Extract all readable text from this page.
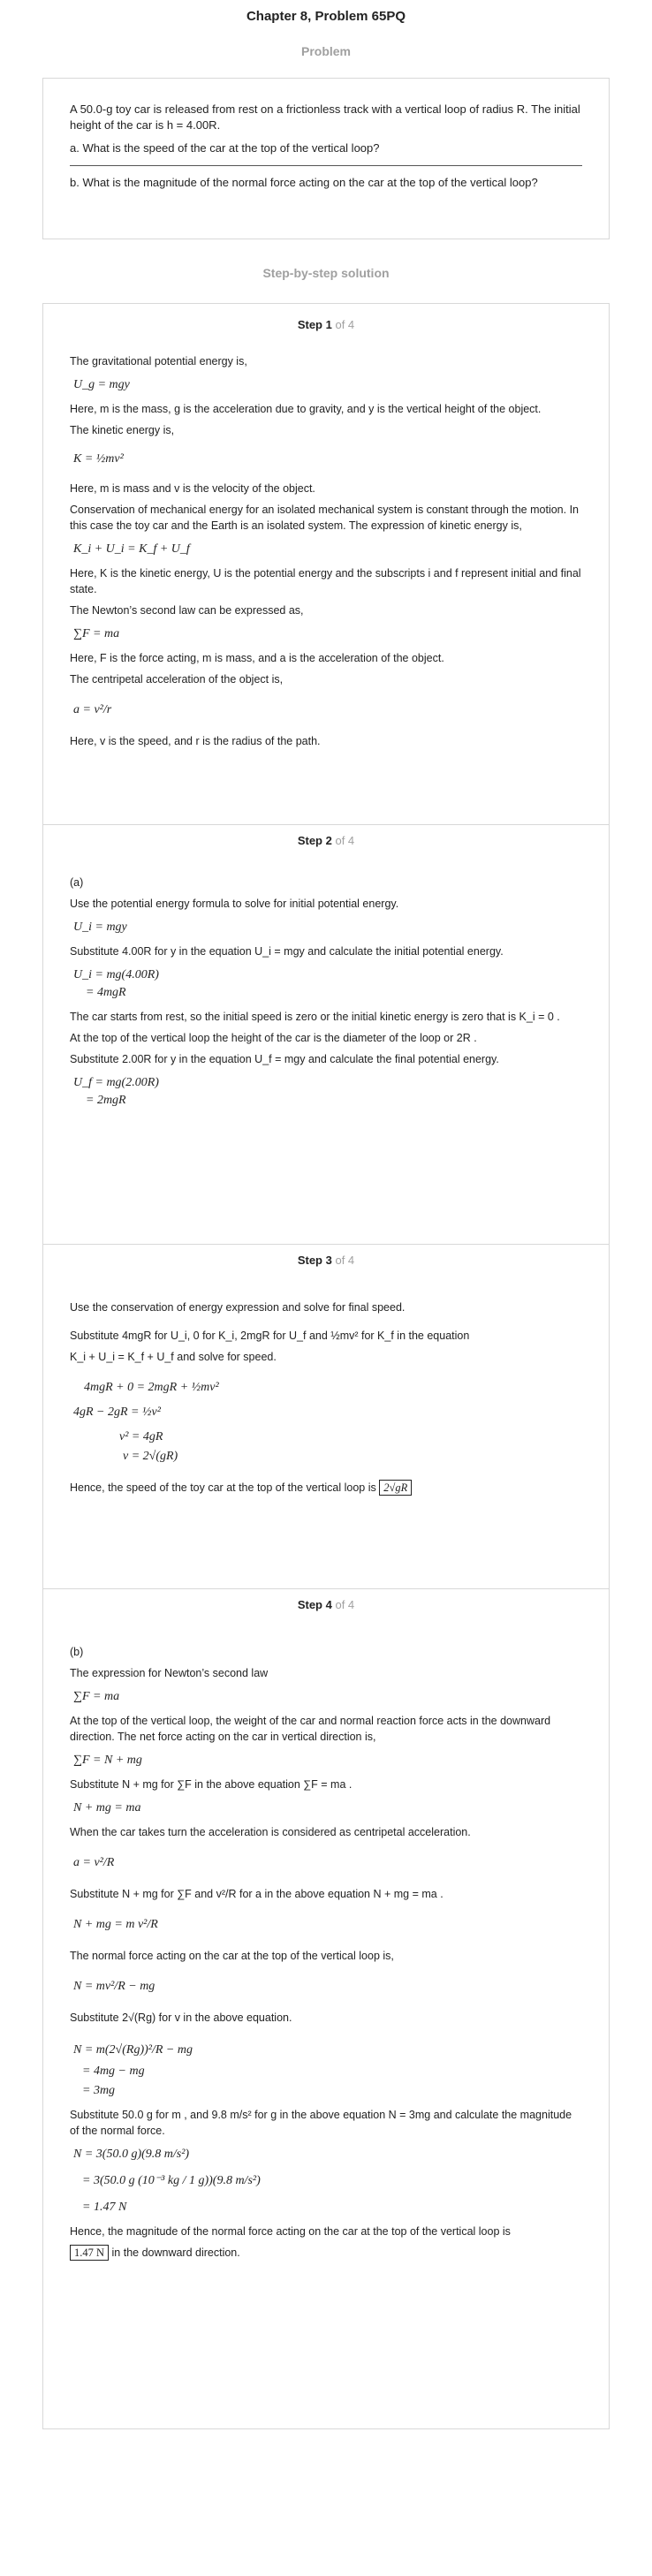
Chapter 8, Problem 65PQ
Problem

A 50.0-g toy car is released from rest on a frictionless track with a vertical loop of radius R. The initial height of the car is h = 4.00R.

a. What is the speed of the car at the top of the vertical loop?

b. What is the magnitude of the normal force acting on the car at the top of the vertical loop?

Step-by-step solution
Step 1 of 4
The gravitational potential energy is,
U_g = mgy
Here, m is the mass, g is the acceleration due to gravity, and y is the vertical height of the object.
The kinetic energy is,
K = ½mv²
Here, m is mass and v is the velocity of the object.
Conservation of mechanical energy for an isolated mechanical system is constant through the motion. In this case the toy car and the Earth is an isolated system. The expression of kinetic energy is,
K_i + U_i = K_f + U_f
Here, K is the kinetic energy, U is the potential energy and the subscripts i and f represent initial and final state.
The Newton’s second law can be expressed as,
∑F = ma
Here, F is the force acting, m is mass, and a is the acceleration of the object.
The centripetal acceleration of the object is,
a = v²/r
Here, v is the speed, and r is the radius of the path.
Step 2 of 4
(a)
Use the potential energy formula to solve for initial potential energy.
U_i = mgy
Substitute 4.00R for y in the equation U_i = mgy and calculate the initial potential energy.
U_i = mg(4.00R)
= 4mgR
The car starts from rest, so the initial speed is zero or the initial kinetic energy is zero that is K_i = 0 .
At the top of the vertical loop the height of the car is the diameter of the loop or 2R .
Substitute 2.00R for y in the equation U_f = mgy and calculate the final potential energy.
U_f = mg(2.00R)
= 2mgR
Step 3 of 4
Use the conservation of energy expression and solve for final speed.
Substitute 4mgR for U_i, 0 for K_i, 2mgR for U_f and ½mv² for K_f in the equation
K_i + U_i = K_f + U_f and solve for speed.
4mgR + 0 = 2mgR + ½mv²
4gR − 2gR = ½v²
v² = 4gR
v = 2√(gR)
Hence, the speed of the toy car at the top of the vertical loop is 2√gR
Step 4 of 4
(b)
The expression for Newton’s second law
∑F = ma
At the top of the vertical loop, the weight of the car and normal reaction force acts in the downward direction. The net force acting on the car in vertical direction is,
∑F = N + mg
Substitute N + mg for ∑F in the above equation ∑F = ma .
N + mg = ma
When the car takes turn the acceleration is considered as centripetal acceleration.
a = v²/R
Substitute N + mg for ∑F and v²/R for a in the above equation N + mg = ma .
N + mg = m v²/R
The normal force acting on the car at the top of the vertical loop is,
N = mv²/R − mg
Substitute 2√(Rg) for v in the above equation.
N = m(2√(Rg))²/R − mg
= 4mg − mg
= 3mg
Substitute 50.0 g for m , and 9.8 m/s² for g in the above equation N = 3mg and calculate the magnitude of the normal force.
N = 3(50.0 g)(9.8 m/s²)
= 3(50.0 g (10⁻³ kg / 1 g))(9.8 m/s²)
= 1.47 N
Hence, the magnitude of the normal force acting on the car at the top of the vertical loop is
1.47 N in the downward direction.
